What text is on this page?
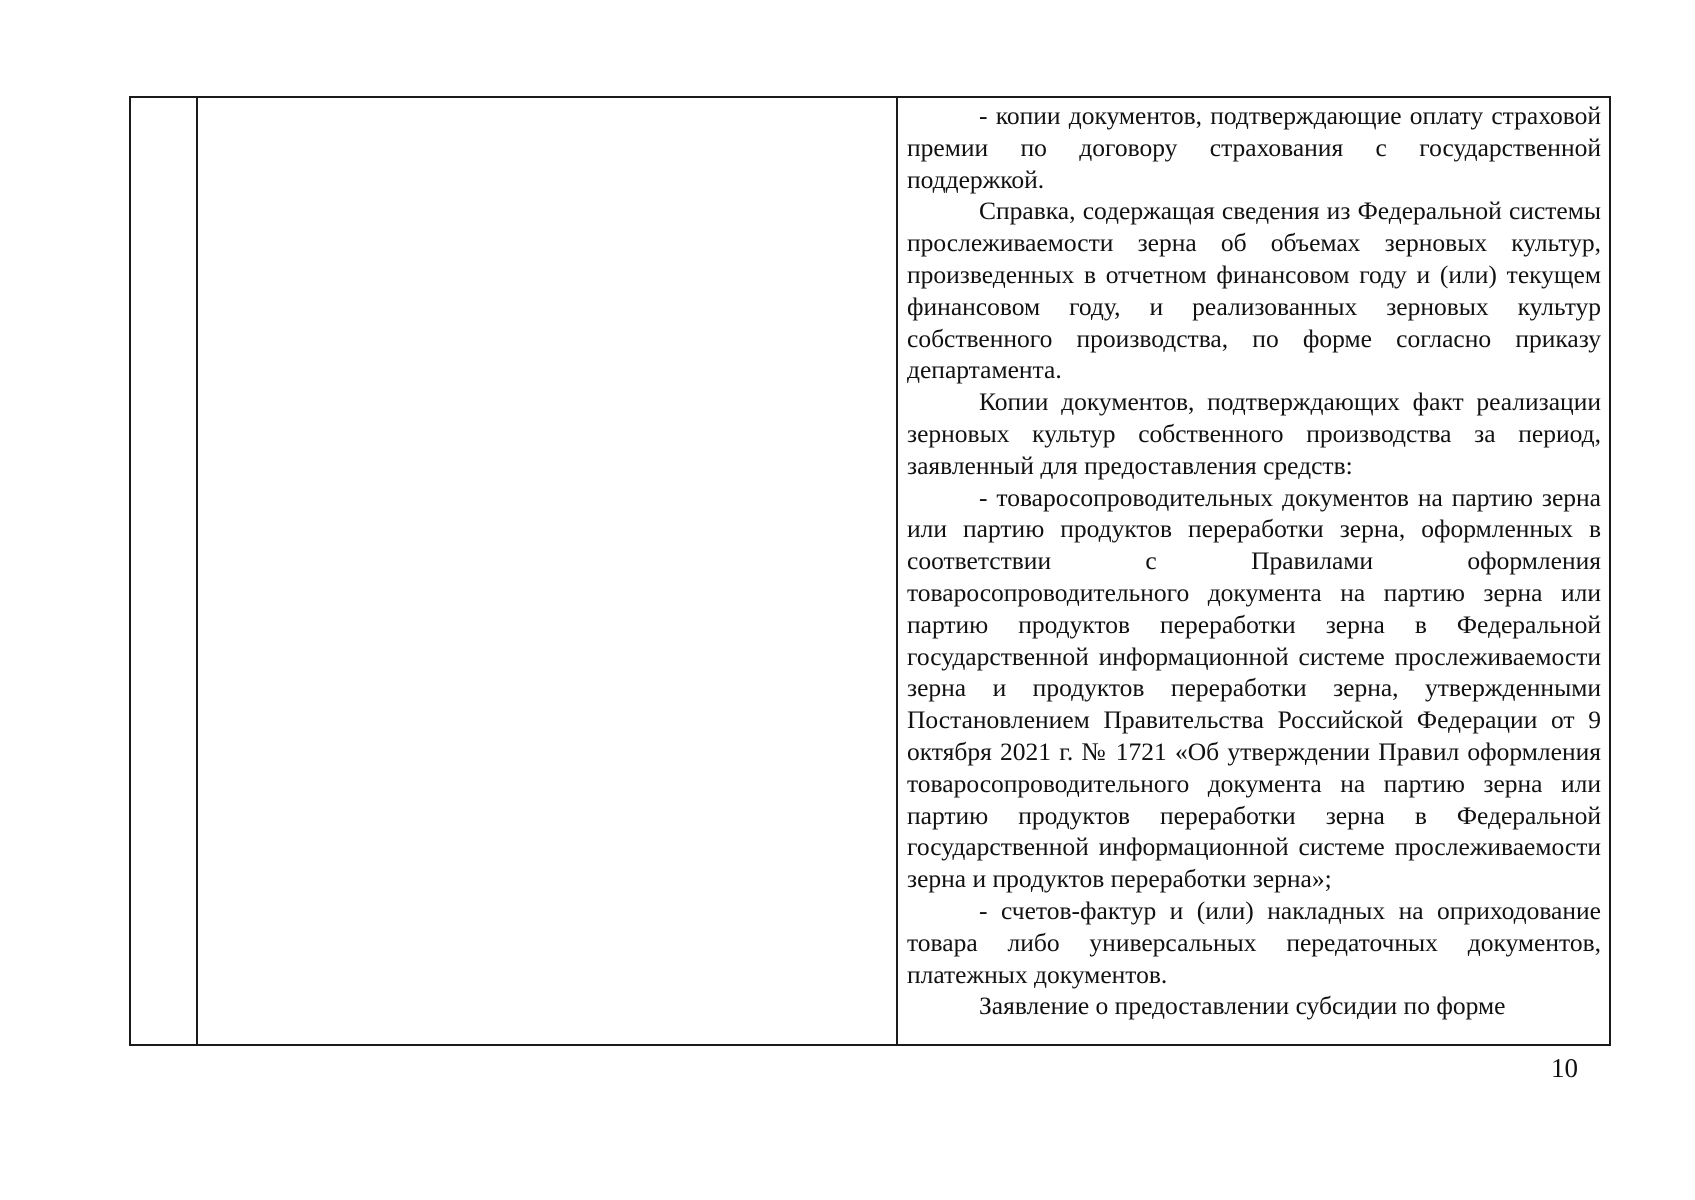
- копии документов, подтверждающие оплату страховой премии по договору страхования с государственной поддержкой.

Справка, содержащая сведения из Федеральной системы прослеживаемости зерна об объемах зерновых культур, произведенных в отчетном финансовом году и (или) текущем финансовом году, и реализованных зерновых культур собственного производства, по форме согласно приказу департамента.

Копии документов, подтверждающих факт реализации зерновых культур собственного производства за период, заявленный для предоставления средств:

- товаросопроводительных документов на партию зерна или партию продуктов переработки зерна, оформленных в соответствии с Правилами оформления товаросопроводительного документа на партию зерна или партию продуктов переработки зерна в Федеральной государственной информационной системе прослеживаемости зерна и продуктов переработки зерна, утвержденными Постановлением Правительства Российской Федерации от 9 октября 2021 г. № 1721 «Об утверждении Правил оформления товаросопроводительного документа на партию зерна или партию продуктов переработки зерна в Федеральной государственной информационной системе прослеживаемости зерна и продуктов переработки зерна»;

- счетов-фактур и (или) накладных на оприходование товара либо универсальных передаточных документов, платежных документов.

Заявление о предоставлении субсидии по форме

10
